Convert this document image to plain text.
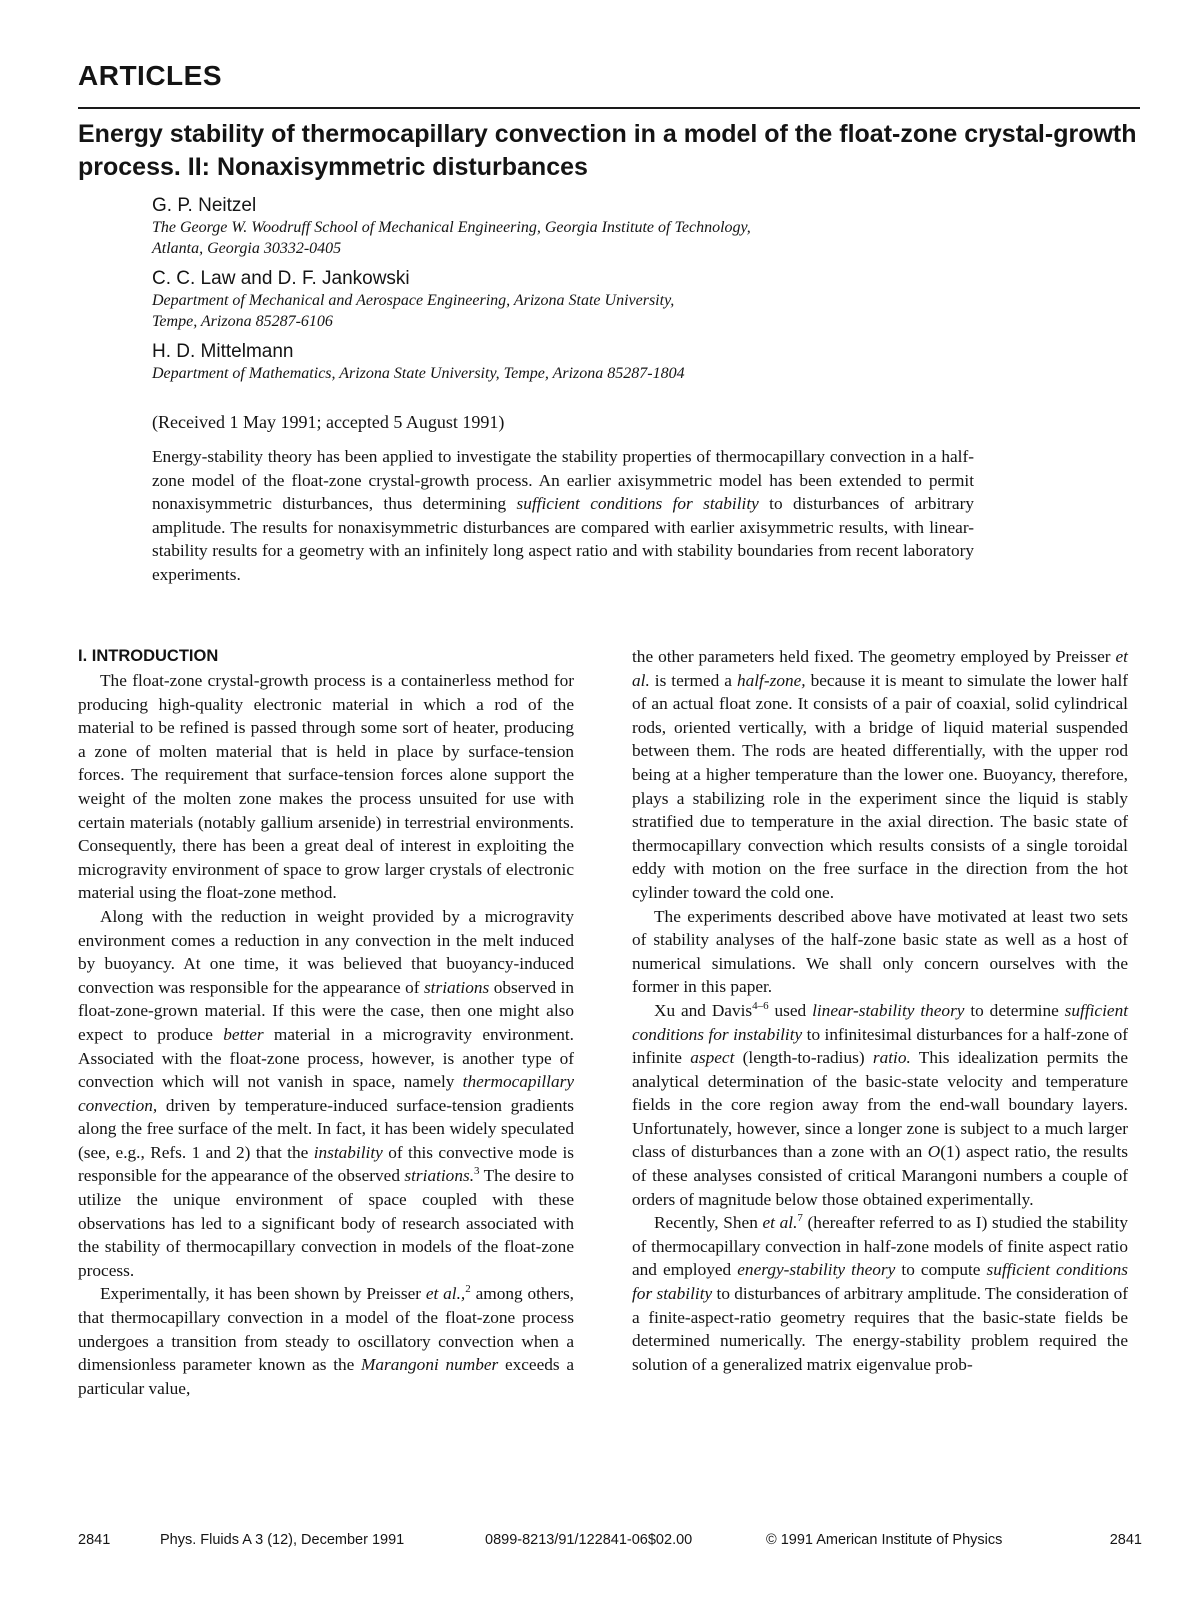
ARTICLES
Energy stability of thermocapillary convection in a model of the float-zone crystal-growth process. II: Nonaxisymmetric disturbances
G. P. Neitzel
The George W. Woodruff School of Mechanical Engineering, Georgia Institute of Technology,
Atlanta, Georgia 30332-0405
C. C. Law and D. F. Jankowski
Department of Mechanical and Aerospace Engineering, Arizona State University,
Tempe, Arizona 85287-6106
H. D. Mittelmann
Department of Mathematics, Arizona State University, Tempe, Arizona 85287-1804
(Received 1 May 1991; accepted 5 August 1991)

Energy-stability theory has been applied to investigate the stability properties of thermocapillary convection in a half-zone model of the float-zone crystal-growth process. An earlier axisymmetric model has been extended to permit nonaxisymmetric disturbances, thus determining sufficient conditions for stability to disturbances of arbitrary amplitude. The results for nonaxisymmetric disturbances are compared with earlier axisymmetric results, with linear-stability results for a geometry with an infinitely long aspect ratio and with stability boundaries from recent laboratory experiments.

I. INTRODUCTION

The float-zone crystal-growth process is a containerless method for producing high-quality electronic material in which a rod of the material to be refined is passed through some sort of heater, producing a zone of molten material that is held in place by surface-tension forces. The requirement that surface-tension forces alone support the weight of the molten zone makes the process unsuited for use with certain materials (notably gallium arsenide) in terrestrial environments. Consequently, there has been a great deal of interest in exploiting the microgravity environment of space to grow larger crystals of electronic material using the float-zone method.

Along with the reduction in weight provided by a microgravity environment comes a reduction in any convection in the melt induced by buoyancy. At one time, it was believed that buoyancy-induced convection was responsible for the appearance of striations observed in float-zone-grown material. If this were the case, then one might also expect to produce better material in a microgravity environment. Associated with the float-zone process, however, is another type of convection which will not vanish in space, namely thermocapillary convection, driven by temperature-induced surface-tension gradients along the free surface of the melt. In fact, it has been widely speculated (see, e.g., Refs. 1 and 2) that the instability of this convective mode is responsible for the appearance of the observed striations.$^3$ The desire to utilize the unique environment of space coupled with these observations has led to a significant body of research associated with the stability of thermocapillary convection in models of the float-zone process.

Experimentally, it has been shown by Preisser et al.,$^2$ among others, that thermocapillary convection in a model of the float-zone process undergoes a transition from steady to oscillatory convection when a dimensionless parameter known as the Marangoni number exceeds a particular value,

the other parameters held fixed. The geometry employed by Preisser et al. is termed a half-zone, because it is meant to simulate the lower half of an actual float zone. It consists of a pair of coaxial, solid cylindrical rods, oriented vertically, with a bridge of liquid material suspended between them. The rods are heated differentially, with the upper rod being at a higher temperature than the lower one. Buoyancy, therefore, plays a stabilizing role in the experiment since the liquid is stably stratified due to temperature in the axial direction. The basic state of thermocapillary convection which results consists of a single toroidal eddy with motion on the free surface in the direction from the hot cylinder toward the cold one.

The experiments described above have motivated at least two sets of stability analyses of the half-zone basic state as well as a host of numerical simulations. We shall only concern ourselves with the former in this paper.

Xu and Davis$^{4-6}$ used linear-stability theory to determine sufficient conditions for instability to infinitesimal disturbances for a half-zone of infinite aspect (length-to-radius) ratio. This idealization permits the analytical determination of the basic-state velocity and temperature fields in the core region away from the end-wall boundary layers. Unfortunately, however, since a longer zone is subject to a much larger class of disturbances than a zone with an O(1) aspect ratio, the results of these analyses consisted of critical Marangoni numbers a couple of orders of magnitude below those obtained experimentally.

Recently, Shen et al.$^7$ (hereafter referred to as I) studied the stability of thermocapillary convection in half-zone models of finite aspect ratio and employed energy-stability theory to compute sufficient conditions for stability to disturbances of arbitrary amplitude. The consideration of a finite-aspect-ratio geometry requires that the basic-state fields be determined numerically. The energy-stability problem required the solution of a generalized matrix eigenvalue prob-

2841	Phys. Fluids A 3 (12), December 1991	0899-8213/91/122841-06$02.00	© 1991 American Institute of Physics	2841
